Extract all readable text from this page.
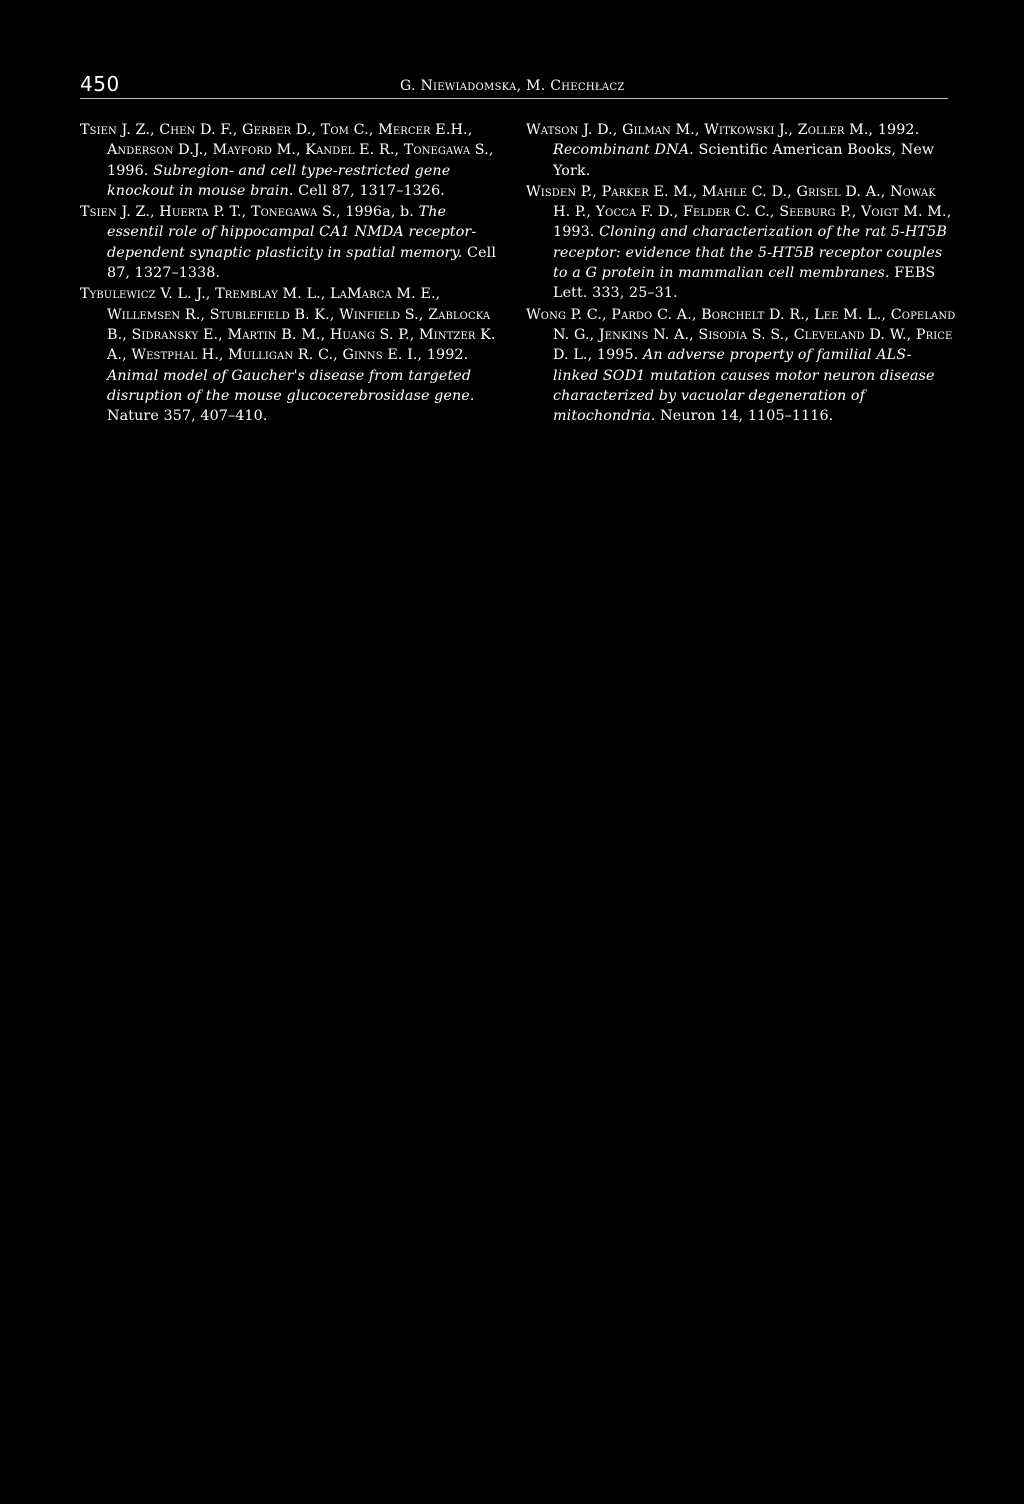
450	G. Niewiadomska, M. Chechłacz

Tsien J. Z., Chen D. F., Gerber D., Tom C., Mercer E.H., Anderson D.J., Mayford M., Kandel E. R., Tonegawa S., 1996. Subregion- and cell type-restricted gene knockout in mouse brain. Cell 87, 1317–1326.

Tsien J. Z., Huerta P. T., Tonegawa S., 1996a, b. The essentil role of hippocampal CA1 NMDA receptor-dependent synaptic plasticity in spatial memory. Cell 87, 1327–1338.

Tybulewicz V. L. J., Tremblay M. L., LaMarca M. E., Willemsen R., Stublefield B. K., Winfield S., Zablocka B., Sidransky E., Martin B. M., Huang S. P., Mintzer K. A., Westphal H., Mulligan R. C., Ginns E. I., 1992. Animal model of Gaucher's disease from targeted disruption of the mouse glucocerebrosidase gene. Nature 357, 407–410.

Watson J. D., Gilman M., Witkowski J., Zoller M., 1992. Recombinant DNA. Scientific American Books, New York.

Wisden P., Parker E. M., Mahle C. D., Grisel D. A., Nowak H. P., Yocca F. D., Felder C. C., Seeburg P., Voigt M. M., 1993. Cloning and characterization of the rat 5-HT5B receptor: evidence that the 5-HT5B receptor couples to a G protein in mammalian cell membranes. FEBS Lett. 333, 25–31.

Wong P. C., Pardo C. A., Borchelt D. R., Lee M. L., Copeland N. G., Jenkins N. A., Sisodia S. S., Cleveland D. W., Price D. L., 1995. An adverse property of familial ALS-linked SOD1 mutation causes motor neuron disease characterized by vacuolar degeneration of mitochondria. Neuron 14, 1105–1116.
